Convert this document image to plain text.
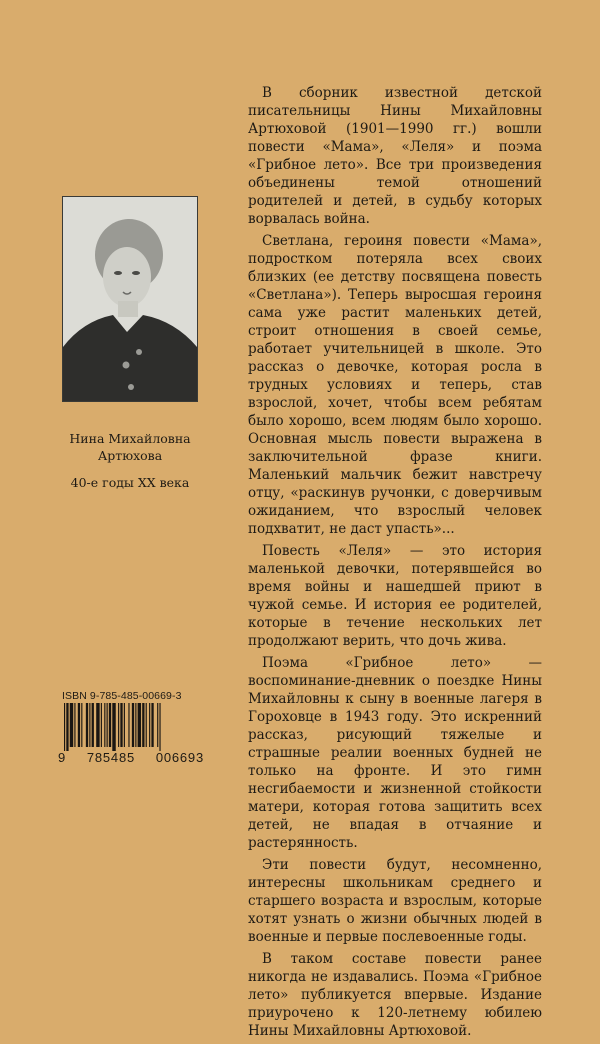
Нина Михайловна
Артюхова
40-е годы XX века
ISBN 9-785-485-00669-3
9 785485 006693

В сборник известной детской писательницы Нины Михайловны Артюховой (1901—1990 гг.) вошли повести «Мама», «Леля» и поэма «Грибное лето». Все три произведения объединены темой отношений родителей и детей, в судьбу которых ворвалась война.

Светлана, героиня повести «Мама», подростком потеряла всех своих близких (ее детству посвящена повесть «Светлана»). Теперь выросшая героиня сама уже растит маленьких детей, строит отношения в своей семье, работает учительницей в школе. Это рассказ о девочке, которая росла в трудных условиях и теперь, став взрослой, хочет, чтобы всем ребятам было хорошо, всем людям было хорошо. Основная мысль повести выражена в заключительной фразе книги. Маленький мальчик бежит навстречу отцу, «раскинув ручонки, с доверчивым ожиданием, что взрослый человек подхватит, не даст упасть»...

Повесть «Леля» — это история маленькой девочки, потерявшейся во время войны и нашедшей приют в чужой семье. И история ее родителей, которые в течение нескольких лет продолжают верить, что дочь жива.

Поэма «Грибное лето» — воспоминание-дневник о поездке Нины Михайловны к сыну в военные лагеря в Гороховце в 1943 году. Это искренний рассказ, рисующий тяжелые и страшные реалии военных будней не только на фронте. И это гимн несгибаемости и жизненной стойкости матери, которая готова защитить всех детей, не впадая в отчаяние и растерянность.

Эти повести будут, несомненно, интересны школьникам среднего и старшего возраста и взрослым, которые хотят узнать о жизни обычных людей в военные и первые послевоенные годы.

В таком составе повести ранее никогда не издавались. Поэма «Грибное лето» публикуется впервые. Издание приурочено к 120-летнему юбилею Нины Михайловны Артюховой.
